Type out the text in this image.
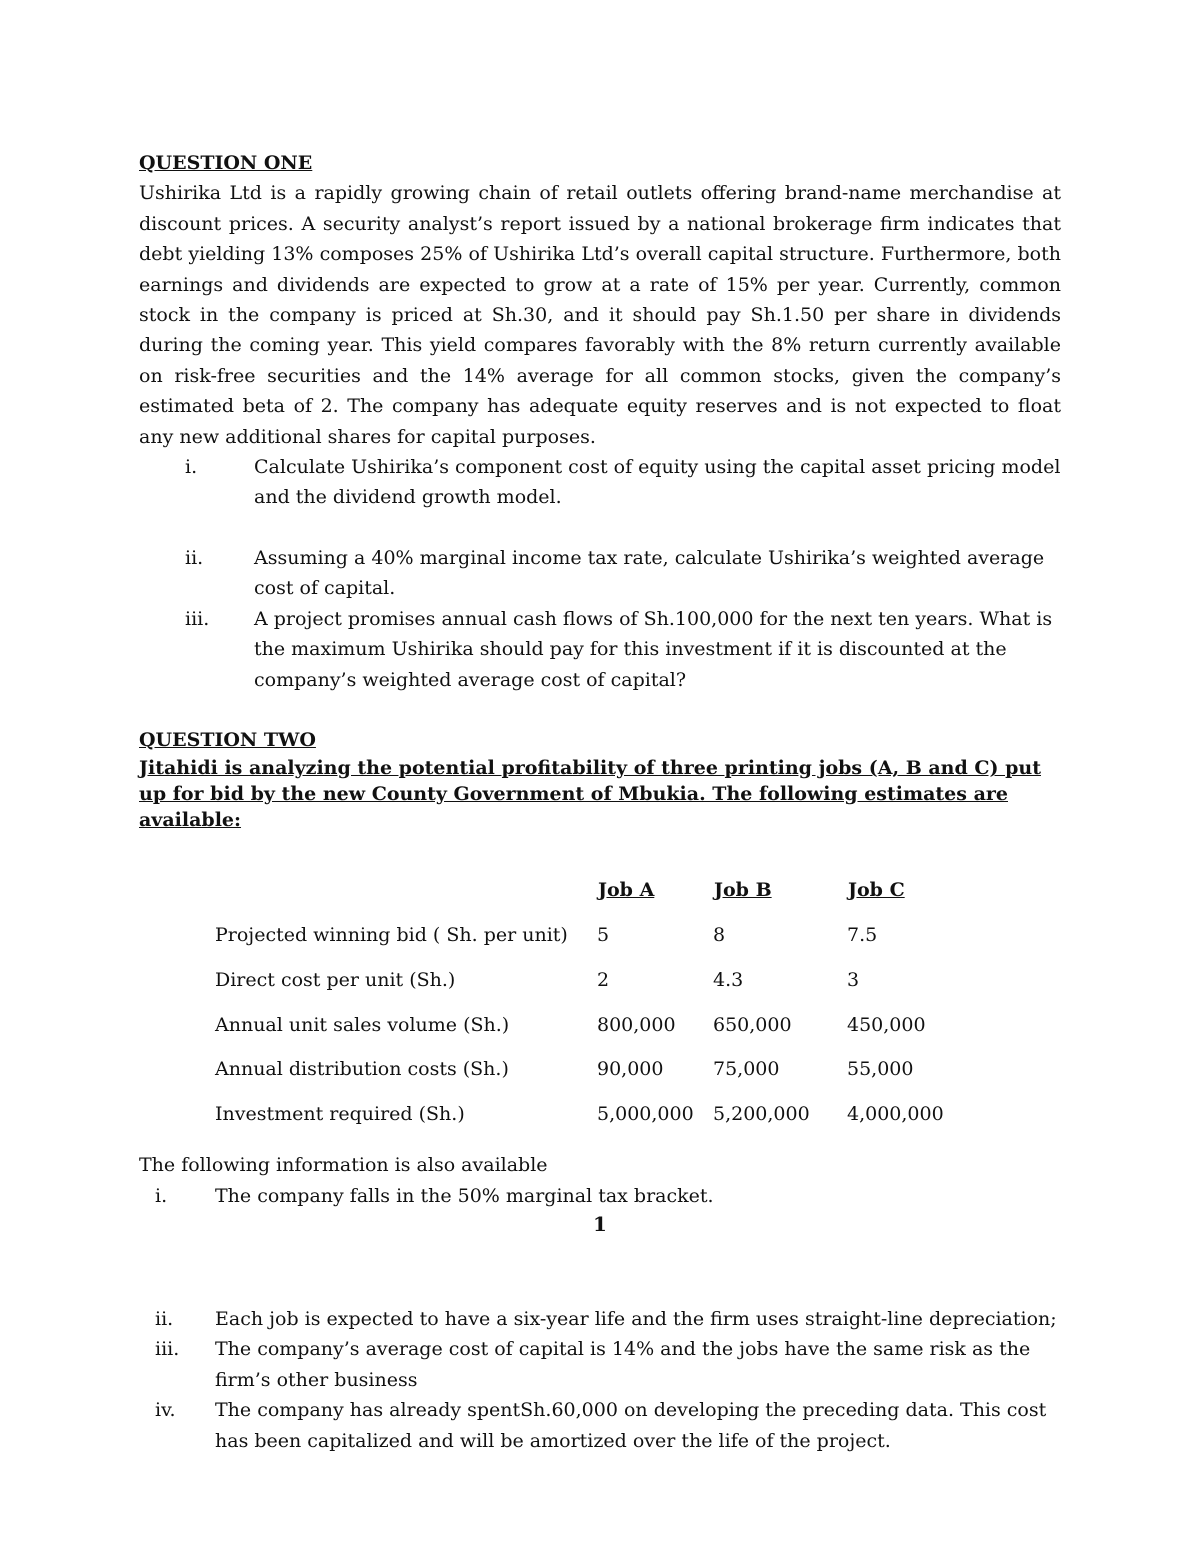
QUESTION ONE
Ushirika Ltd is a rapidly growing chain of retail outlets offering brand-name merchandise at discount prices. A security analyst’s report issued by a national brokerage firm indicates that debt yielding 13% composes 25% of Ushirika Ltd’s overall capital structure. Furthermore, both earnings and dividends are expected to grow at a rate of 15% per year. Currently, common stock in the company is priced at Sh.30, and it should pay Sh.1.50 per share in dividends during the coming year. This yield compares favorably with the 8% return currently available on risk-free securities and the 14% average for all common stocks, given the company’s estimated beta of 2. The company has adequate equity reserves and is not expected to float any new additional shares for capital purposes.
i.	Calculate Ushirika’s component cost of equity using the capital asset pricing model and the dividend growth model.
ii.	Assuming a 40% marginal income tax rate, calculate Ushirika’s weighted average cost of capital.
iii.	A project promises annual cash flows of Sh.100,000 for the next ten years. What is the maximum Ushirika should pay for this investment if it is discounted at the company’s weighted average cost of capital?
QUESTION TWO
Jitahidi is analyzing the potential profitability of three printing jobs (A, B and C) put up for bid by the new County Government of Mbukia. The following estimates are available:
	Job A	Job B	Job C
Projected winning bid ( Sh. per unit)	5	8	7.5
Direct cost per unit (Sh.)	2	4.3	3
Annual unit sales volume (Sh.)	800,000	650,000	450,000
Annual distribution costs (Sh.)	90,000	75,000	55,000
Investment required (Sh.)	5,000,000	5,200,000	4,000,000
The following information is also available
i.	The company falls in the 50% marginal tax bracket.
1
ii.	Each job is expected to have a six-year life and the firm uses straight-line depreciation;
iii.	The company’s average cost of capital is 14% and the jobs have the same risk as the firm’s other business
iv.	The company has already spentSh.60,000 on developing the preceding data. This cost has been capitalized and will be amortized over the life of the project.
